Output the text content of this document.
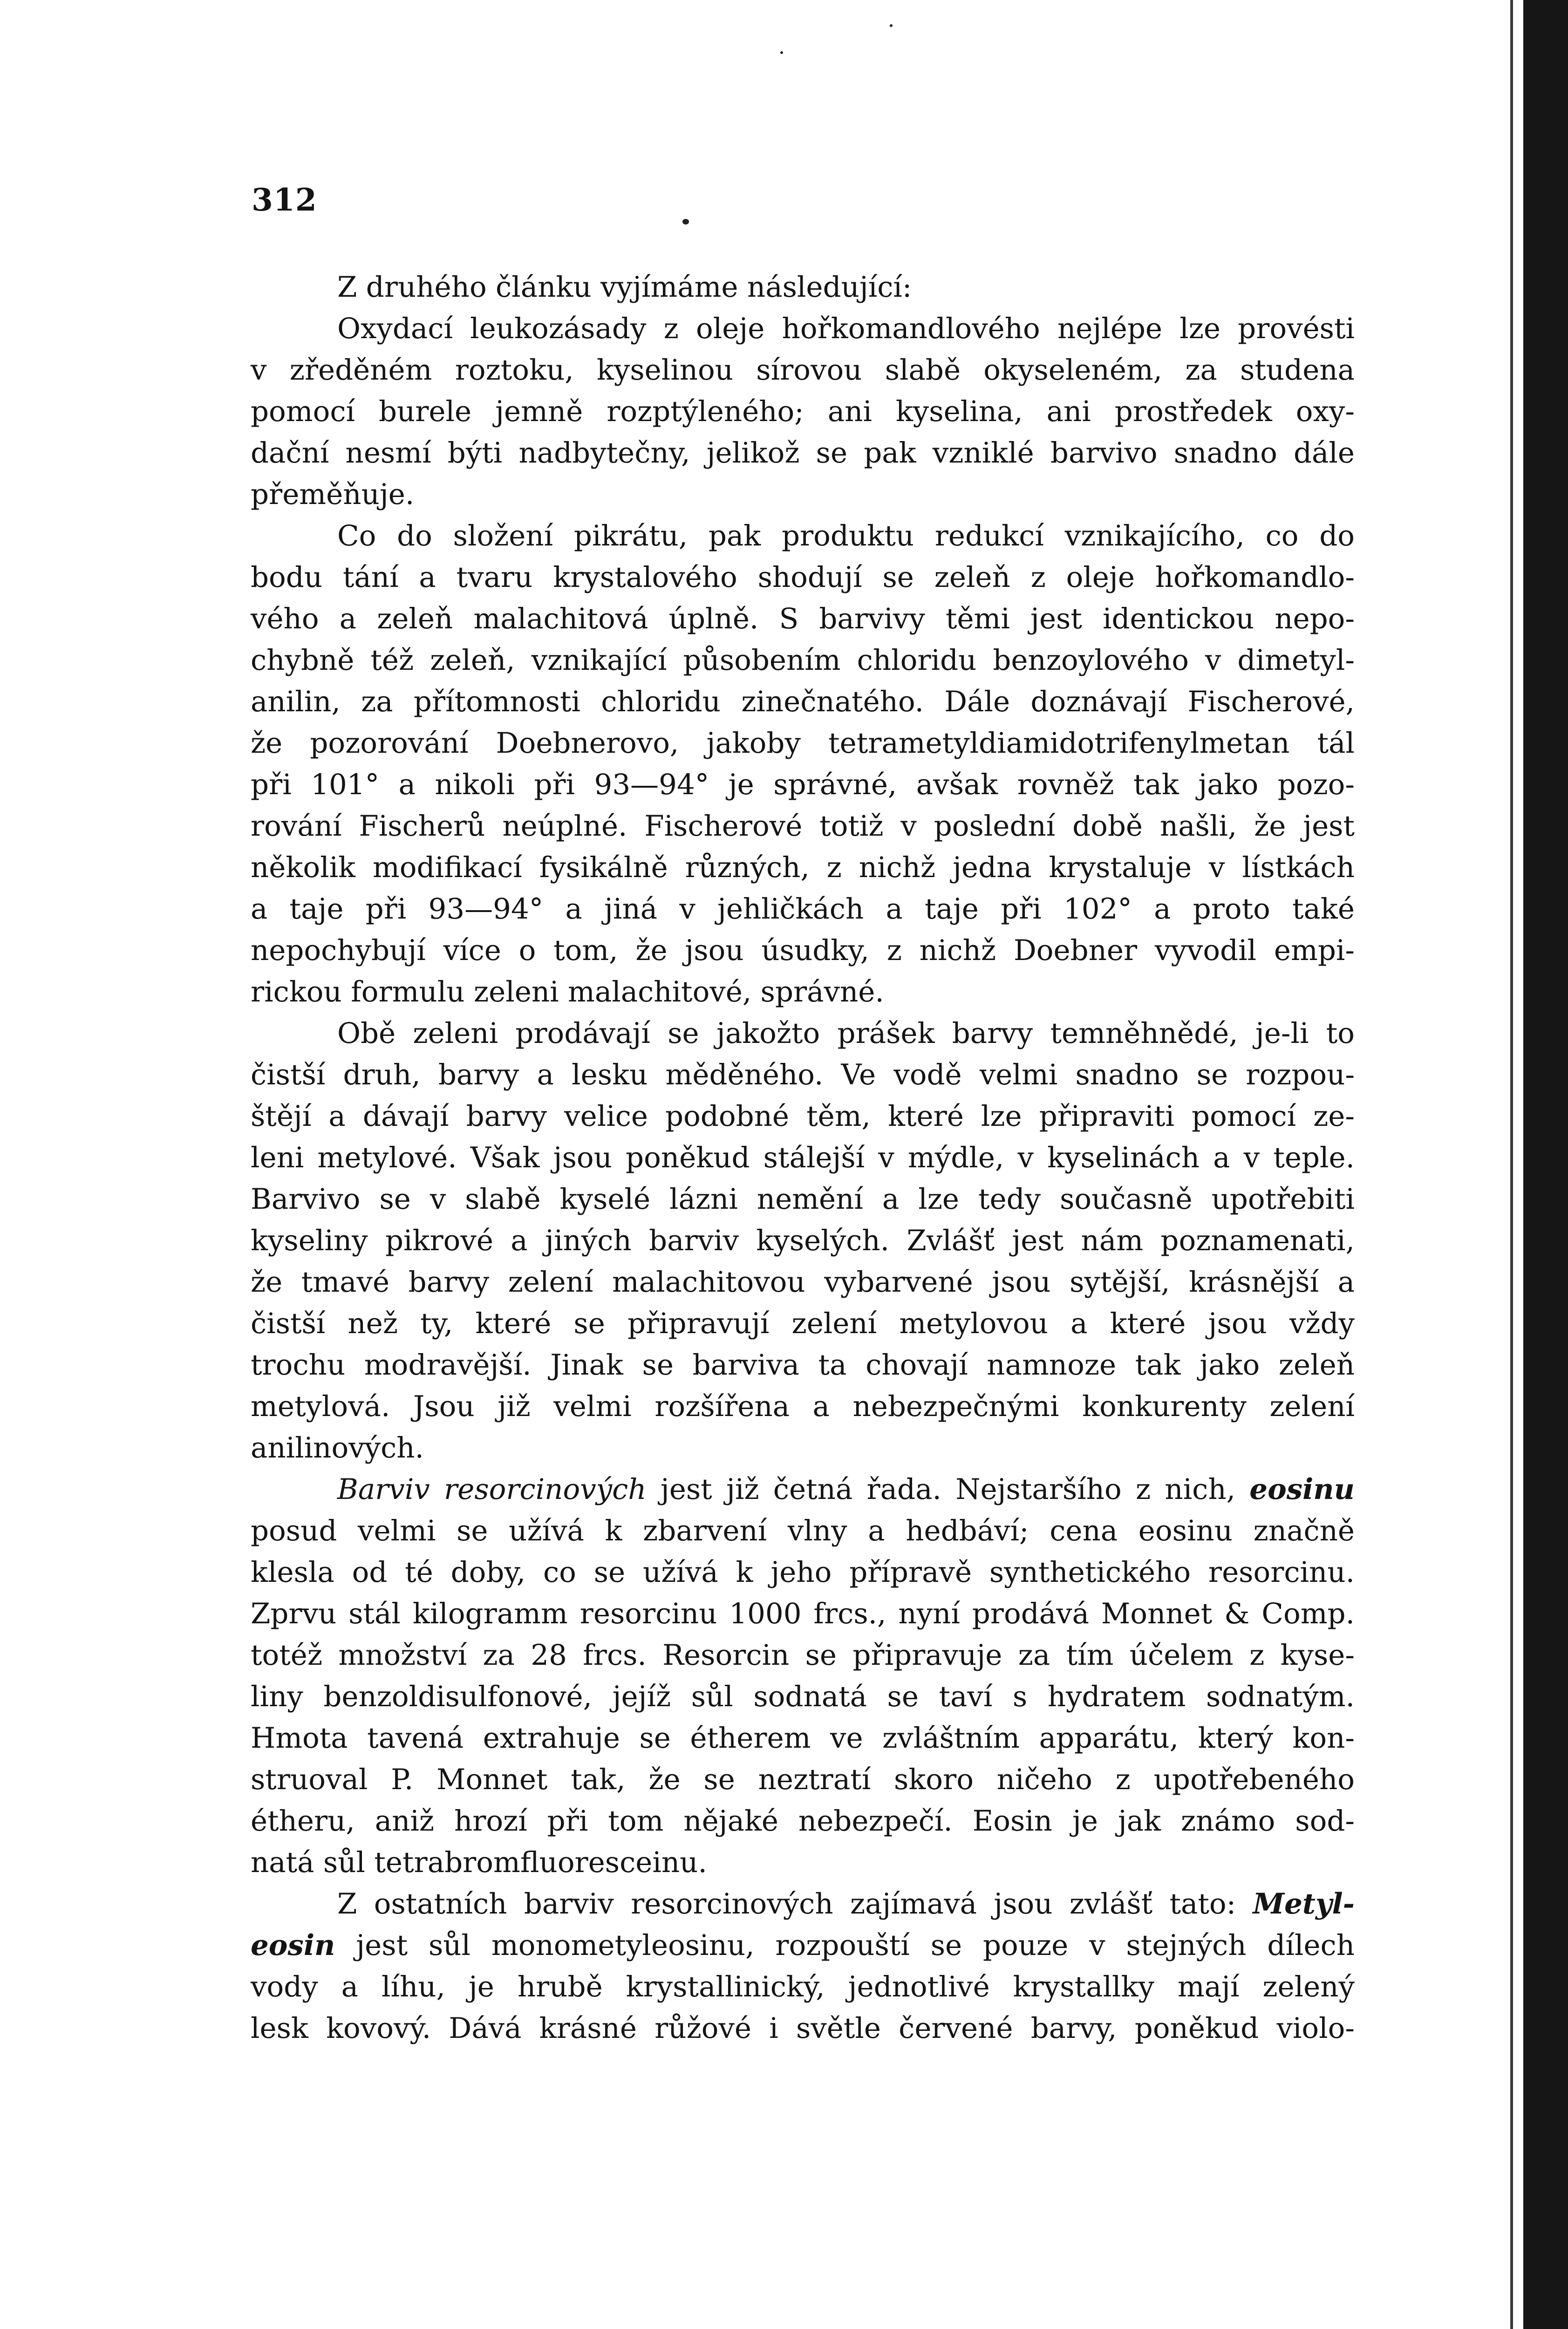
312
Z druhého článku vyjímáme následující:
Oxydací leukozásady z oleje hořkomandlového nejlépe lze provésti
v zředěném roztoku, kyselinou sírovou slabě okyseleném, za studena
pomocí burele jemně rozptýleného; ani kyselina, ani prostředek oxy-
dační nesmí býti nadbytečny, jelikož se pak vzniklé barvivo snadno dále
přeměňuje.
Co do složení pikrátu, pak produktu redukcí vznikajícího, co do
bodu tání a tvaru krystalového shodují se zeleň z oleje hořkomandlo-
vého a zeleň malachitová úplně. S barvivy těmi jest identickou nepo-
chybně též zeleň, vznikající působením chloridu benzoylového v dimetyl-
anilin, za přítomnosti chloridu zinečnatého. Dále doznávají Fischerové,
že pozorování Doebnerovo, jakoby tetrametyldiamidotrifenylmetan tál
při 101° a nikoli při 93—94° je správné, avšak rovněž tak jako pozo-
rování Fischerů neúplné. Fischerové totiž v poslední době našli, že jest
několik modifikací fysikálně různých, z nichž jedna krystaluje v lístkách
a taje při 93—94° a jiná v jehličkách a taje při 102° a proto také
nepochybují více o tom, že jsou úsudky, z nichž Doebner vyvodil empi-
rickou formulu zeleni malachitové, správné.
Obě zeleni prodávají se jakožto prášek barvy temněhnědé, je-li to
čistší druh, barvy a lesku měděného. Ve vodě velmi snadno se rozpou-
štějí a dávají barvy velice podobné těm, které lze připraviti pomocí ze-
leni metylové. Však jsou poněkud stálejší v mýdle, v kyselinách a v teple.
Barvivo se v slabě kyselé lázni nemění a lze tedy současně upotřebiti
kyseliny pikrové a jiných barviv kyselých. Zvlášť jest nám poznamenati,
že tmavé barvy zelení malachitovou vybarvené jsou sytější, krásnější a
čistší než ty, které se připravují zelení metylovou a které jsou vždy
trochu modravější. Jinak se barviva ta chovají namnoze tak jako zeleň
metylová. Jsou již velmi rozšířena a nebezpečnými konkurenty zelení
anilinových.
Barviv resorcinových jest již četná řada. Nejstaršího z nich, eosinu
posud velmi se užívá k zbarvení vlny a hedbáví; cena eosinu značně
klesla od té doby, co se užívá k jeho přípravě synthetického resorcinu.
Zprvu stál kilogramm resorcinu 1000 frcs., nyní prodává Monnet & Comp.
totéž množství za 28 frcs. Resorcin se připravuje za tím účelem z kyse-
liny benzoldisulfonové, jejíž sůl sodnatá se taví s hydratem sodnatým.
Hmota tavená extrahuje se étherem ve zvláštním apparátu, který kon-
struoval P. Monnet tak, že se neztratí skoro ničeho z upotřebeného
étheru, aniž hrozí při tom nějaké nebezpečí. Eosin je jak známo sod-
natá sůl tetrabromfluoresceinu.
Z ostatních barviv resorcinových zajímavá jsou zvlášť tato: Metyl-
eosin jest sůl monometyleosinu, rozpouští se pouze v stejných dílech
vody a líhu, je hrubě krystallinický, jednotlivé krystallky mají zelený
lesk kovový. Dává krásné růžové i světle červené barvy, poněkud violo-
